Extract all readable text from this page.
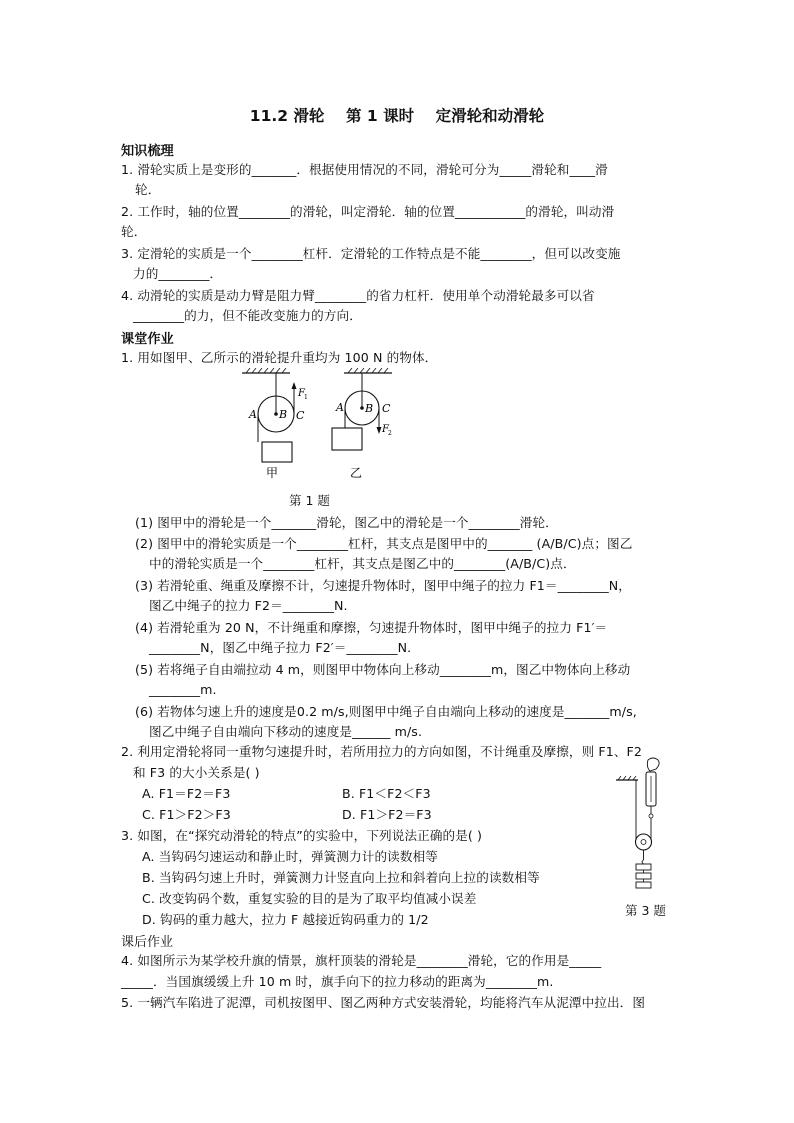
11.2 滑轮    第 1 课时    定滑轮和动滑轮
知识梳理
1. 滑轮实质上是变形的_______．根据使用情况的不同，滑轮可分为_____滑轮和____滑
轮．
2. 工作时，轴的位置________的滑轮，叫定滑轮．轴的位置___________的滑轮，叫动滑
轮．
3. 定滑轮的实质是一个________杠杆．定滑轮的工作特点是不能________，但可以改变施
力的________．
4. 动滑轮的实质是动力臂是阻力臂________的省力杠杆．使用单个动滑轮最多可以省
________的力，但不能改变施力的方向．
课堂作业
1. 用如图甲、乙所示的滑轮提升重均为 100 N 的物体．
A B C
F 1
甲
A B C
F 2
乙
第 1 题
(1) 图甲中的滑轮是一个_______滑轮，图乙中的滑轮是一个________滑轮．
(2) 图甲中的滑轮实质是一个________杠杆，其支点是图甲中的_______ (A/B/C)点；图乙
中的滑轮实质是一个________杠杆，其支点是图乙中的________(A/B/C)点．
(3) 若滑轮重、绳重及摩擦不计，匀速提升物体时，图甲中绳子的拉力 F1＝________N，
图乙中绳子的拉力 F2＝________N.
(4) 若滑轮重为 20 N，不计绳重和摩擦，匀速提升物体时，图甲中绳子的拉力 F1′＝
________N，图乙中绳子拉力 F2′＝________N.
(5) 若将绳子自由端拉动 4 m，则图甲中物体向上移动________m，图乙中物体向上移动
________m.
(6) 若物体匀速上升的速度是0.2 m/s,则图甲中绳子自由端向上移动的速度是_______m/s,
图乙中绳子自由端向下移动的速度是______ m/s.
2. 利用定滑轮将同一重物匀速提升时，若所用拉力的方向如图，不计绳重及摩擦，则 F1、F2
和 F3 的大小关系是( )
A. F1＝F2＝F3	B. F1＜F2＜F3
C. F1＞F2＞F3	D. F1＞F2＝F3
3. 如图，在“探究动滑轮的特点”的实验中，下列说法正确的是( )
A. 当钩码匀速运动和静止时，弹簧测力计的读数相等
B. 当钩码匀速上升时，弹簧测力计竖直向上拉和斜着向上拉的读数相等
C. 改变钩码个数，重复实验的目的是为了取平均值减小误差
D. 钩码的重力越大，拉力 F 越接近钩码重力的 1/2
第 3 题
课后作业
4. 如图所示为某学校升旗的情景，旗杆顶装的滑轮是________滑轮，它的作用是_____
_____．当国旗缓缓上升 10 m 时，旗手向下的拉力移动的距离为________m.
5. 一辆汽车陷进了泥潭，司机按图甲、图乙两种方式安装滑轮，均能将汽车从泥潭中拉出．图
